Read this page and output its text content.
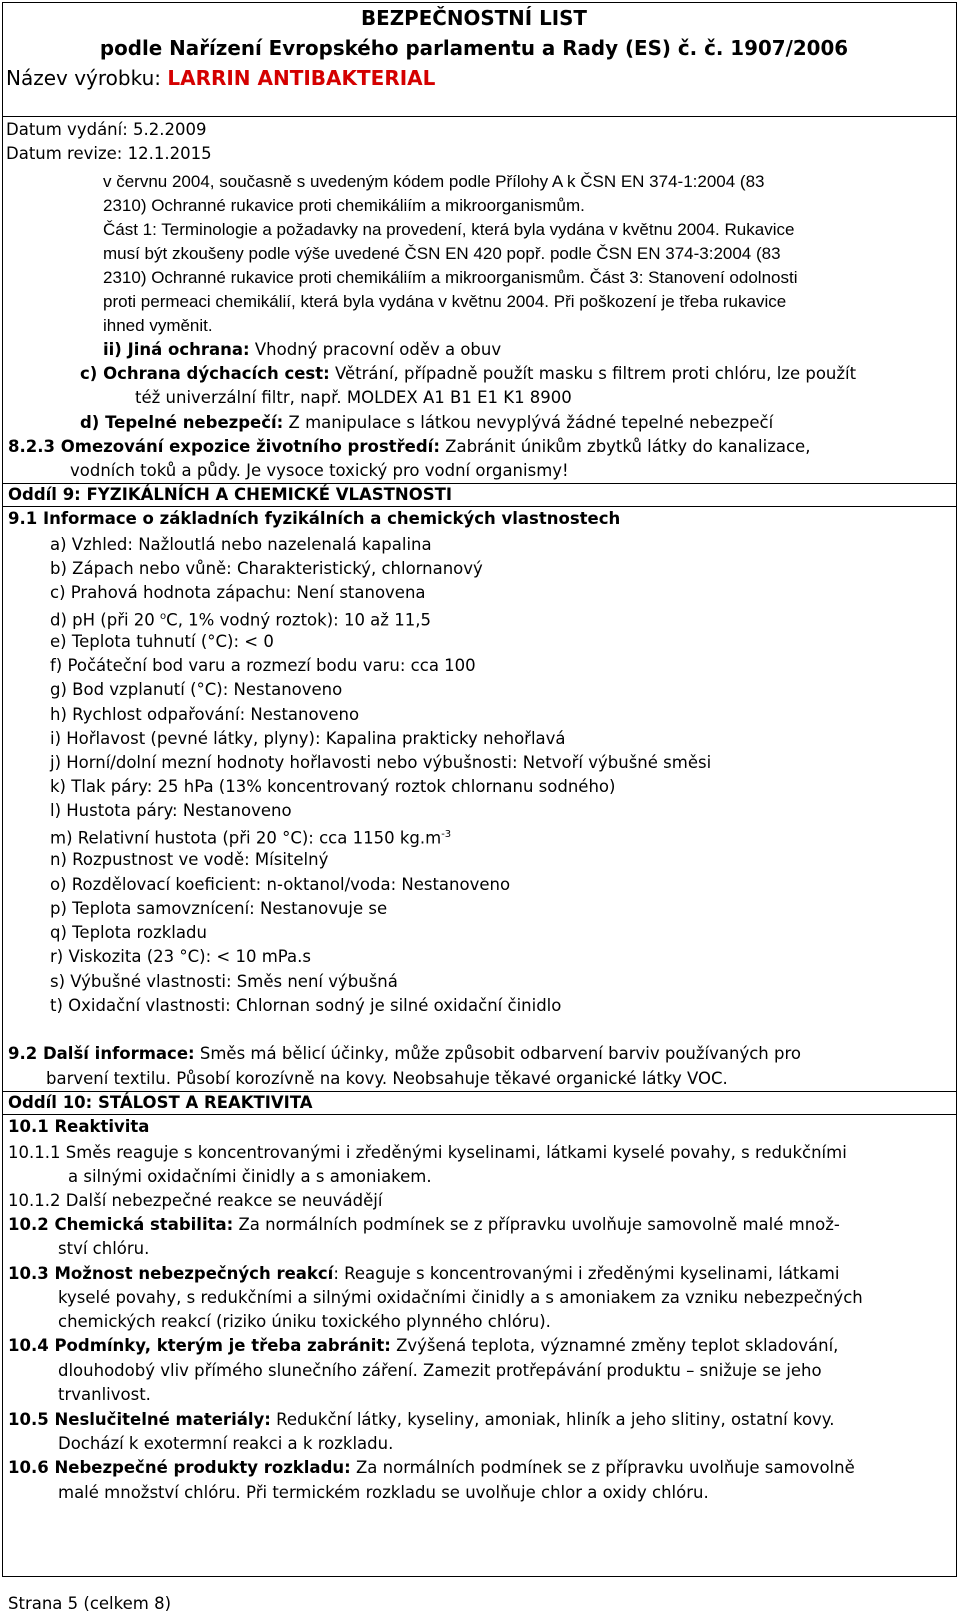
BEZPEČNOSTNÍ LIST
podle Nařízení Evropského parlamentu a Rady (ES) č. č. 1907/2006
Název výrobku: LARRIN ANTIBAKTERIAL
Datum vydání: 5.2.2009
Datum revize: 12.1.2015
v červnu 2004, současně s uvedeným kódem podle Přílohy A k ČSN EN 374-1:2004 (83
2310) Ochranné rukavice proti chemikáliím a mikroorganismům.
Část 1: Terminologie a požadavky na provedení, která byla vydána v květnu 2004. Rukavice
musí být zkoušeny podle výše uvedené ČSN EN 420 popř. podle ČSN EN 374-3:2004 (83
2310) Ochranné rukavice proti chemikáliím a mikroorganismům. Část 3: Stanovení odolnosti
proti permeaci chemikálií, která byla vydána v květnu 2004. Při poškození je třeba rukavice
ihned vyměnit.
ii) Jiná ochrana: Vhodný pracovní oděv a obuv
c) Ochrana dýchacích cest: Větrání, případně použít masku s filtrem proti chlóru, lze použít
též univerzální filtr, např. MOLDEX A1 B1 E1 K1 8900
d) Tepelné nebezpečí: Z manipulace s látkou nevyplývá žádné tepelné nebezpečí
8.2.3 Omezování expozice životního prostředí: Zabránit únikům zbytků látky do kanalizace,
vodních toků a půdy. Je vysoce toxický pro vodní organismy!
Oddíl 9: FYZIKÁLNÍCH A CHEMICKÉ VLASTNOSTI
9.1 Informace o základních fyzikálních a chemických vlastnostech
a) Vzhled: Nažloutlá nebo nazelenalá kapalina
b) Zápach nebo vůně: Charakteristický, chlornanový
c) Prahová hodnota zápachu: Není stanovena
d) pH (při 20 $^o$C, 1% vodný roztok): 10 až 11,5
e) Teplota tuhnutí (°C): < 0
f) Počáteční bod varu a rozmezí bodu varu: cca 100
g) Bod vzplanutí (°C): Nestanoveno
h) Rychlost odpařování: Nestanoveno
i) Hořlavost (pevné látky, plyny): Kapalina prakticky nehořlavá
j) Horní/dolní mezní hodnoty hořlavosti nebo výbušnosti: Netvoří výbušné směsi
k) Tlak páry: 25 hPa (13% koncentrovaný roztok chlornanu sodného)
l) Hustota páry: Nestanoveno
m) Relativní hustota (při 20 °C): cca 1150 $kg.m^{-3}$
n) Rozpustnost ve vodě: Mísitelný
o) Rozdělovací koeficient: n-oktanol/voda: Nestanoveno
p) Teplota samovznícení: Nestanovuje se
q) Teplota rozkladu
r) Viskozita (23 °C): < 10 mPa.s
s) Výbušné vlastnosti: Směs není výbušná
t) Oxidační vlastnosti: Chlornan sodný je silné oxidační činidlo
9.2 Další informace: Směs má bělicí účinky, může způsobit odbarvení barviv používaných pro
barvení textilu. Působí korozívně na kovy. Neobsahuje těkavé organické látky VOC.
Oddíl 10: STÁLOST A REAKTIVITA
10.1 Reaktivita
10.1.1 Směs reaguje s koncentrovanými i zředěnými kyselinami, látkami kyselé povahy, s redukčními
a silnými oxidačními činidly a s amoniakem.
10.1.2 Další nebezpečné reakce se neuvádějí
10.2 Chemická stabilita: Za normálních podmínek se z přípravku uvolňuje samovolně malé množ-
ství chlóru.
10.3 Možnost nebezpečných reakcí: Reaguje s koncentrovanými i zředěnými kyselinami, látkami
kyselé povahy, s redukčními a silnými oxidačními činidly a s amoniakem za vzniku nebezpečných
chemických reakcí (riziko úniku toxického plynného chlóru).
10.4 Podmínky, kterým je třeba zabránit: Zvýšená teplota, významné změny teplot skladování,
dlouhodobý vliv přímého slunečního záření. Zamezit protřepávání produktu – snižuje se jeho
trvanlivost.
10.5 Neslučitelné materiály: Redukční látky, kyseliny, amoniak, hliník a jeho slitiny, ostatní kovy.
Dochází k exotermní reakci a k rozkladu.
10.6 Nebezpečné produkty rozkladu: Za normálních podmínek se z přípravku uvolňuje samovolně
malé množství chlóru. Při termickém rozkladu se uvolňuje chlor a oxidy chlóru.
Strana 5 (celkem 8)
